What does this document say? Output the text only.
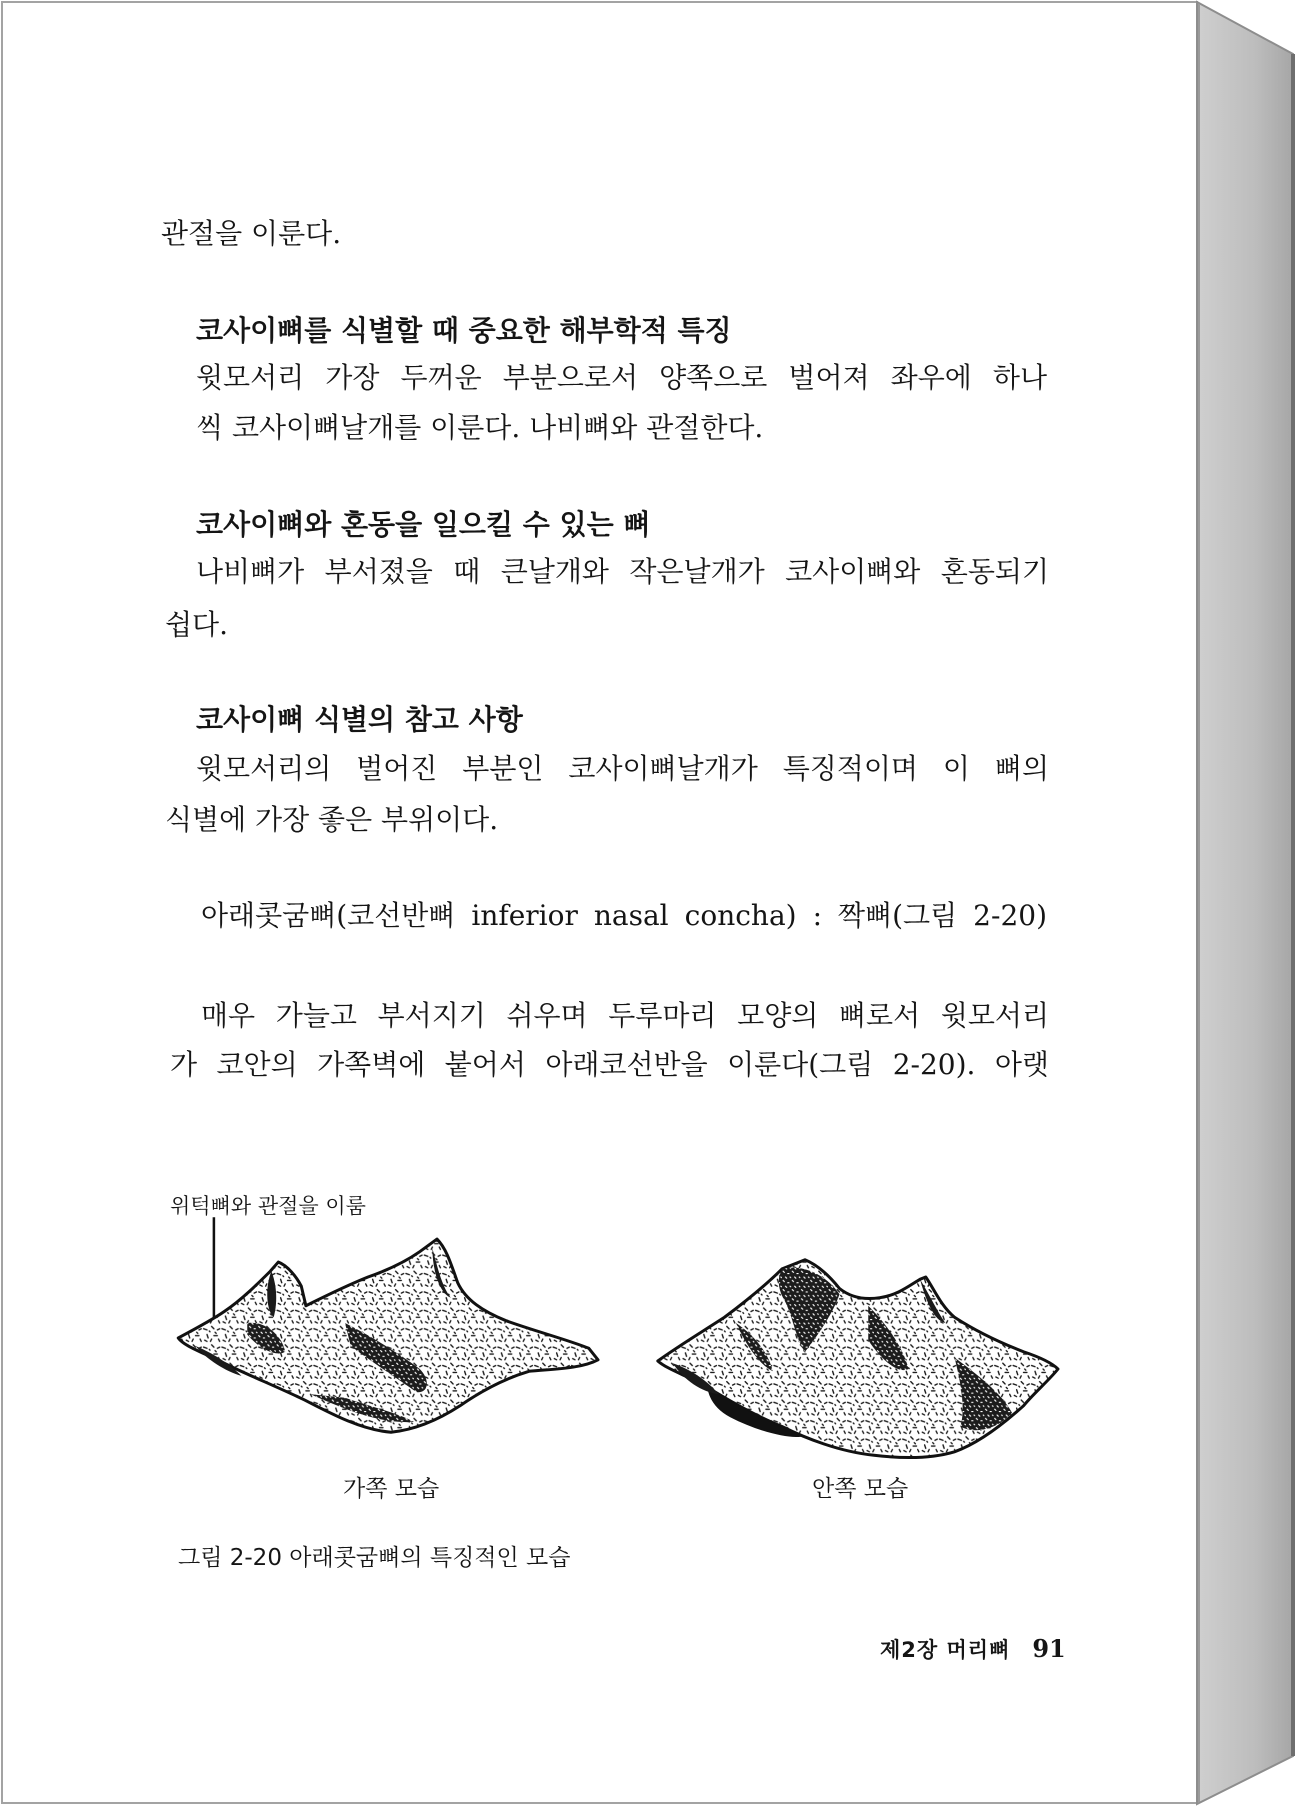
관절을 이룬다.
코사이뼈를 식별할 때 중요한 해부학적 특징
윗모서리 가장 두꺼운 부분으로서 양쪽으로 벌어져 좌우에 하나
씩 코사이뼈날개를 이룬다. 나비뼈와 관절한다.
코사이뼈와 혼동을 일으킬 수 있는 뼈
나비뼈가 부서졌을 때 큰날개와 작은날개가 코사이뼈와 혼동되기
쉽다.
코사이뼈 식별의 참고 사항
윗모서리의 벌어진 부분인 코사이뼈날개가 특징적이며 이 뼈의
식별에 가장 좋은 부위이다.
아래콧굼뼈(코선반뼈 inferior nasal concha) : 짝뼈(그림 2-20)
매우 가늘고 부서지기 쉬우며 두루마리 모양의 뼈로서 윗모서리
가 코안의 가쪽벽에 붙어서 아래코선반을 이룬다(그림 2-20). 아랫
위턱뼈와 관절을 이룸
가쪽 모습	안쪽 모습
그림 2-20 아래콧굼뼈의 특징적인 모습
제2장 머리뼈 91
